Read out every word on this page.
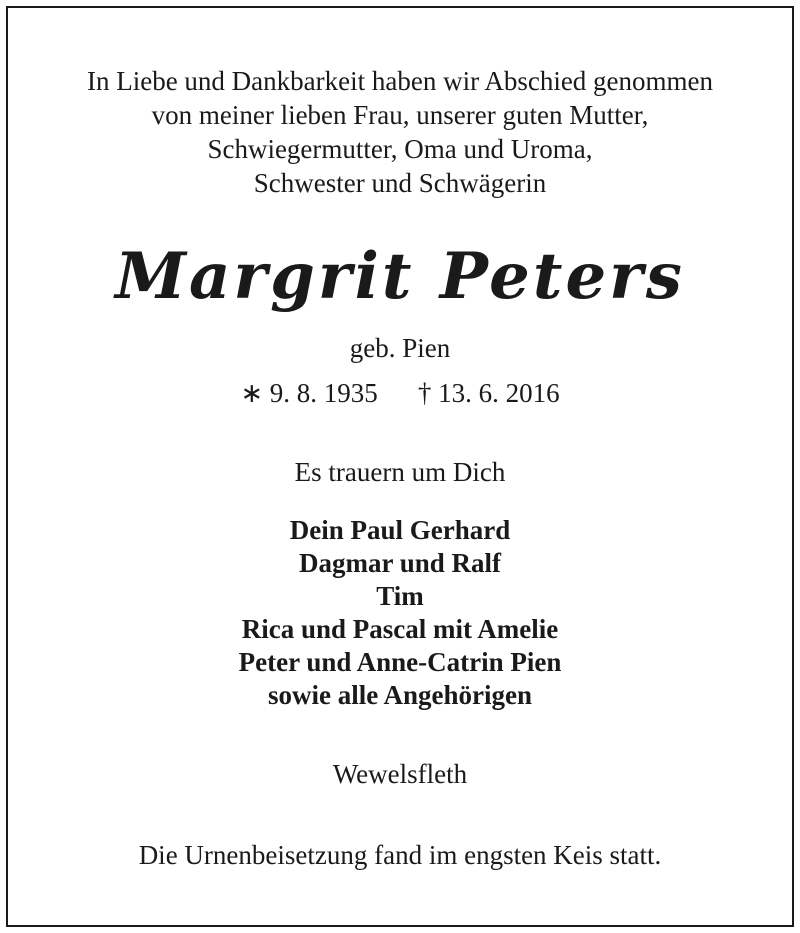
In Liebe und Dankbarkeit haben wir Abschied genommen
von meiner lieben Frau, unserer guten Mutter,
Schwiegermutter, Oma und Uroma,
Schwester und Schwägerin
Margrit Peters
geb. Pien
∗ 9. 8. 1935 † 13. 6. 2016
Es trauern um Dich
Dein Paul Gerhard
Dagmar und Ralf
Tim
Rica und Pascal mit Amelie
Peter und Anne-Catrin Pien
sowie alle Angehörigen
Wewelsfleth
Die Urnenbeisetzung fand im engsten Keis statt.
